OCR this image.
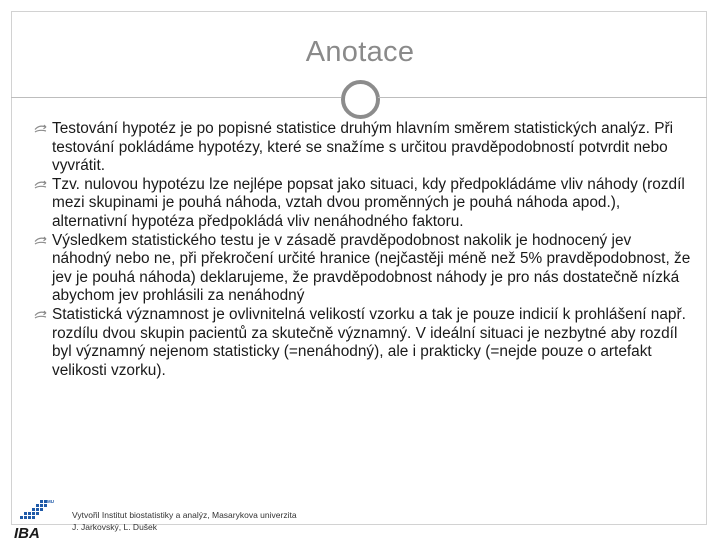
Anotace
Testování hypotéz je po popisné statistice druhým hlavním směrem statistických analýz. Při testování pokládáme hypotézy, které se snažíme s určitou pravděpodobností potvrdit nebo vyvrátit.
Tzv. nulovou hypotézu lze nejlépe popsat jako situaci, kdy předpokládáme vliv náhody (rozdíl mezi skupinami je pouhá náhoda, vztah dvou proměnných je pouhá náhoda apod.), alternativní hypotéza předpokládá vliv nenáhodného faktoru.
Výsledkem statistického testu je v zásadě pravděpodobnost nakolik je hodnocený jev náhodný nebo ne, při překročení určité hranice (nejčastěji méně než 5% pravděpodobnost, že jev je pouhá náhoda) deklarujeme, že pravděpodobnost náhody je pro nás dostatečně nízká abychom jev prohlásili za nenáhodný
Statistická významnost je ovlivnitelná velikostí vzorku a tak je pouze indicií k prohlášení např. rozdílu dvou skupin pacientů za skutečně významný. V ideální situaci je nezbytné aby rozdíl byl významný nejenom statisticky (=nenáhodný), ale i prakticky (=nejde pouze o artefakt velikosti vzorku).
MU
IBA
Vytvořil Institut biostatistiky a analýz, Masarykova univerzita
J. Jarkovský, L. Dušek
